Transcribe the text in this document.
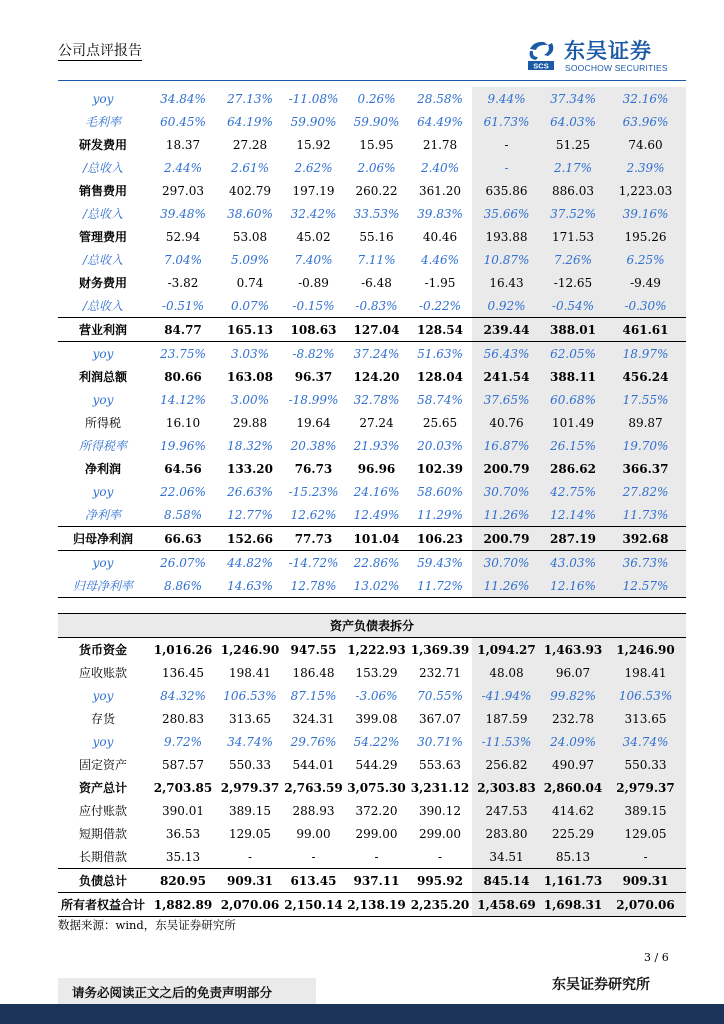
公司点评报告
SCS
东吴证券
SOOCHOW SECURITIES
yoy	34.84%	27.13%	-11.08%	0.26%	28.58%	9.44%	37.34%	32.16%
毛利率	60.45%	64.19%	59.90%	59.90%	64.49%	61.73%	64.03%	63.96%
研发费用	18.37	27.28	15.92	15.95	21.78	-	51.25	74.60
/总收入	2.44%	2.61%	2.62%	2.06%	2.40%	-	2.17%	2.39%
销售费用	297.03	402.79	197.19	260.22	361.20	635.86	886.03	1,223.03
/总收入	39.48%	38.60%	32.42%	33.53%	39.83%	35.66%	37.52%	39.16%
管理费用	52.94	53.08	45.02	55.16	40.46	193.88	171.53	195.26
/总收入	7.04%	5.09%	7.40%	7.11%	4.46%	10.87%	7.26%	6.25%
财务费用	-3.82	0.74	-0.89	-6.48	-1.95	16.43	-12.65	-9.49
/总收入	-0.51%	0.07%	-0.15%	-0.83%	-0.22%	0.92%	-0.54%	-0.30%
营业利润	84.77	165.13	108.63	127.04	128.54	239.44	388.01	461.61
yoy	23.75%	3.03%	-8.82%	37.24%	51.63%	56.43%	62.05%	18.97%
利润总额	80.66	163.08	96.37	124.20	128.04	241.54	388.11	456.24
yoy	14.12%	3.00%	-18.99%	32.78%	58.74%	37.65%	60.68%	17.55%
所得税	16.10	29.88	19.64	27.24	25.65	40.76	101.49	89.87
所得税率	19.96%	18.32%	20.38%	21.93%	20.03%	16.87%	26.15%	19.70%
净利润	64.56	133.20	76.73	96.96	102.39	200.79	286.62	366.37
yoy	22.06%	26.63%	-15.23%	24.16%	58.60%	30.70%	42.75%	27.82%
净利率	8.58%	12.77%	12.62%	12.49%	11.29%	11.26%	12.14%	11.73%
归母净利润	66.63	152.66	77.73	101.04	106.23	200.79	287.19	392.68
yoy	26.07%	44.82%	-14.72%	22.86%	59.43%	30.70%	43.03%	36.73%
归母净利率	8.86%	14.63%	12.78%	13.02%	11.72%	11.26%	12.16%	12.57%
资产负债表拆分								
货币资金	1,016.26	1,246.90	947.55	1,222.93	1,369.39	1,094.27	1,463.93	1,246.90
应收账款	136.45	198.41	186.48	153.29	232.71	48.08	96.07	198.41
yoy	84.32%	106.53%	87.15%	-3.06%	70.55%	-41.94%	99.82%	106.53%
存货	280.83	313.65	324.31	399.08	367.07	187.59	232.78	313.65
yoy	9.72%	34.74%	29.76%	54.22%	30.71%	-11.53%	24.09%	34.74%
固定资产	587.57	550.33	544.01	544.29	553.63	256.82	490.97	550.33
资产总计	2,703.85	2,979.37	2,763.59	3,075.30	3,231.12	2,303.83	2,860.04	2,979.37
应付账款	390.01	389.15	288.93	372.20	390.12	247.53	414.62	389.15
短期借款	36.53	129.05	99.00	299.00	299.00	283.80	225.29	129.05
长期借款	35.13	-	-	-	-	34.51	85.13	-
负债总计	820.95	909.31	613.45	937.11	995.92	845.14	1,161.73	909.31
所有者权益合计	1,882.89	2,070.06	2,150.14	2,138.19	2,235.20	1,458.69	1,698.31	2,070.06
数据来源：wind，东吴证券研究所
3 / 6
东吴证券研究所
请务必阅读正文之后的免责声明部分
